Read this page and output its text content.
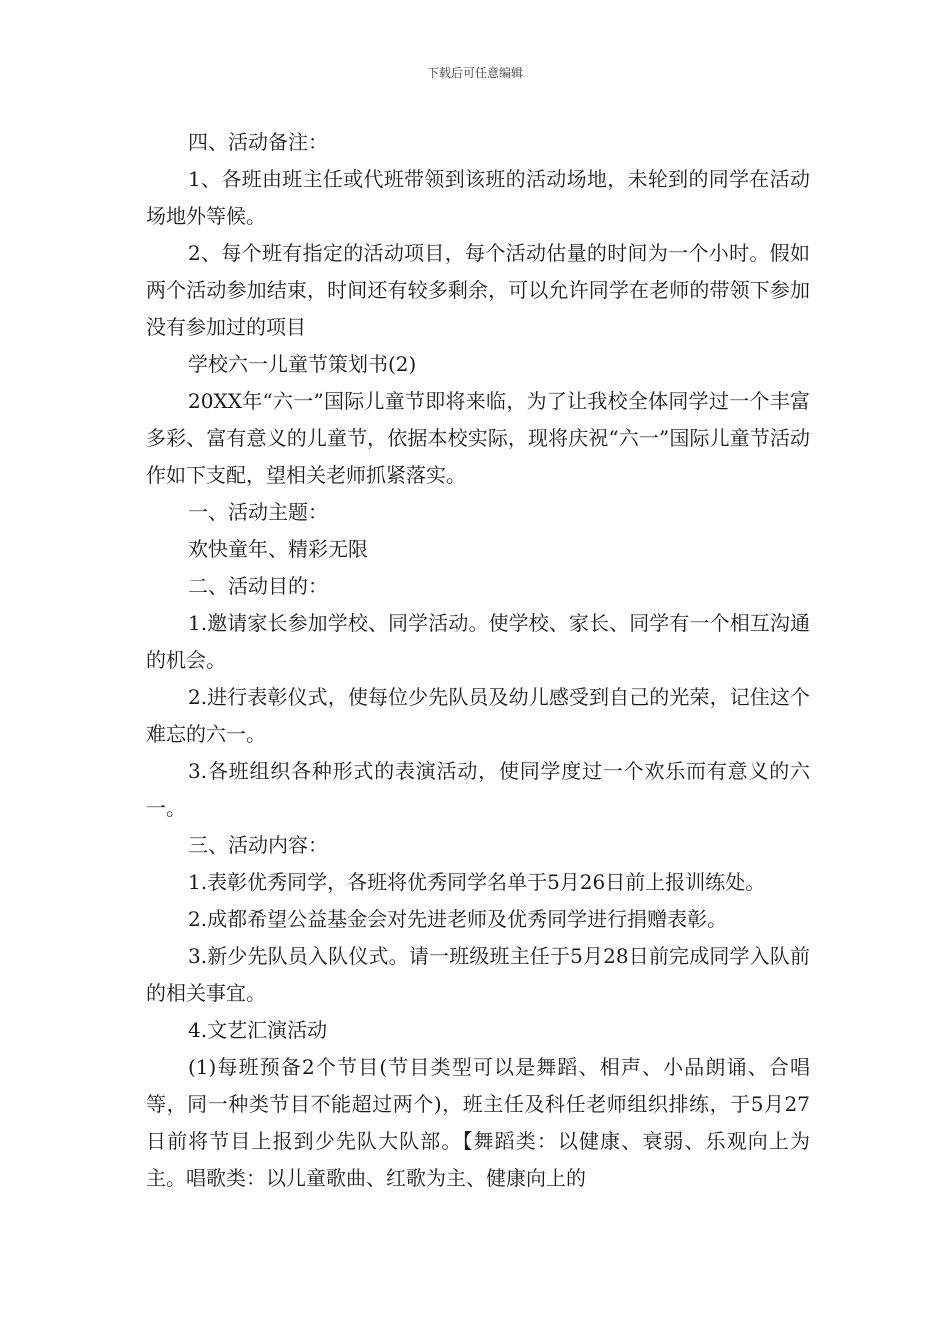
下载后可任意编辑

四、活动备注：

1、各班由班主任或代班带领到该班的活动场地，未轮到的同学在活动场地外等候。

2、每个班有指定的活动项目，每个活动估量的时间为一个小时。假如两个活动参加结束，时间还有较多剩余，可以允许同学在老师的带领下参加没有参加过的项目

学校六一儿童节策划书(2)

20XX年“六一”国际儿童节即将来临，为了让我校全体同学过一个丰富多彩、富有意义的儿童节，依据本校实际，现将庆祝“六一”国际儿童节活动作如下支配，望相关老师抓紧落实。

一、活动主题：

欢快童年、精彩无限

二、活动目的：

1.邀请家长参加学校、同学活动。使学校、家长、同学有一个相互沟通的机会。

2.进行表彰仪式，使每位少先队员及幼儿感受到自己的光荣，记住这个难忘的六一。

3.各班组织各种形式的表演活动，使同学度过一个欢乐而有意义的六一。

三、活动内容：

1.表彰优秀同学，各班将优秀同学名单于5月26日前上报训练处。

2.成都希望公益基金会对先进老师及优秀同学进行捐赠表彰。

3.新少先队员入队仪式。请一班级班主任于5月28日前完成同学入队前的相关事宜。

4.文艺汇演活动

(1)每班预备2个节目(节目类型可以是舞蹈、相声、小品朗诵、合唱等，同一种类节目不能超过两个)，班主任及科任老师组织排练，于5月27日前将节目上报到少先队大队部。【舞蹈类：以健康、衰弱、乐观向上为主。唱歌类：以儿童歌曲、红歌为主、健康向上的
